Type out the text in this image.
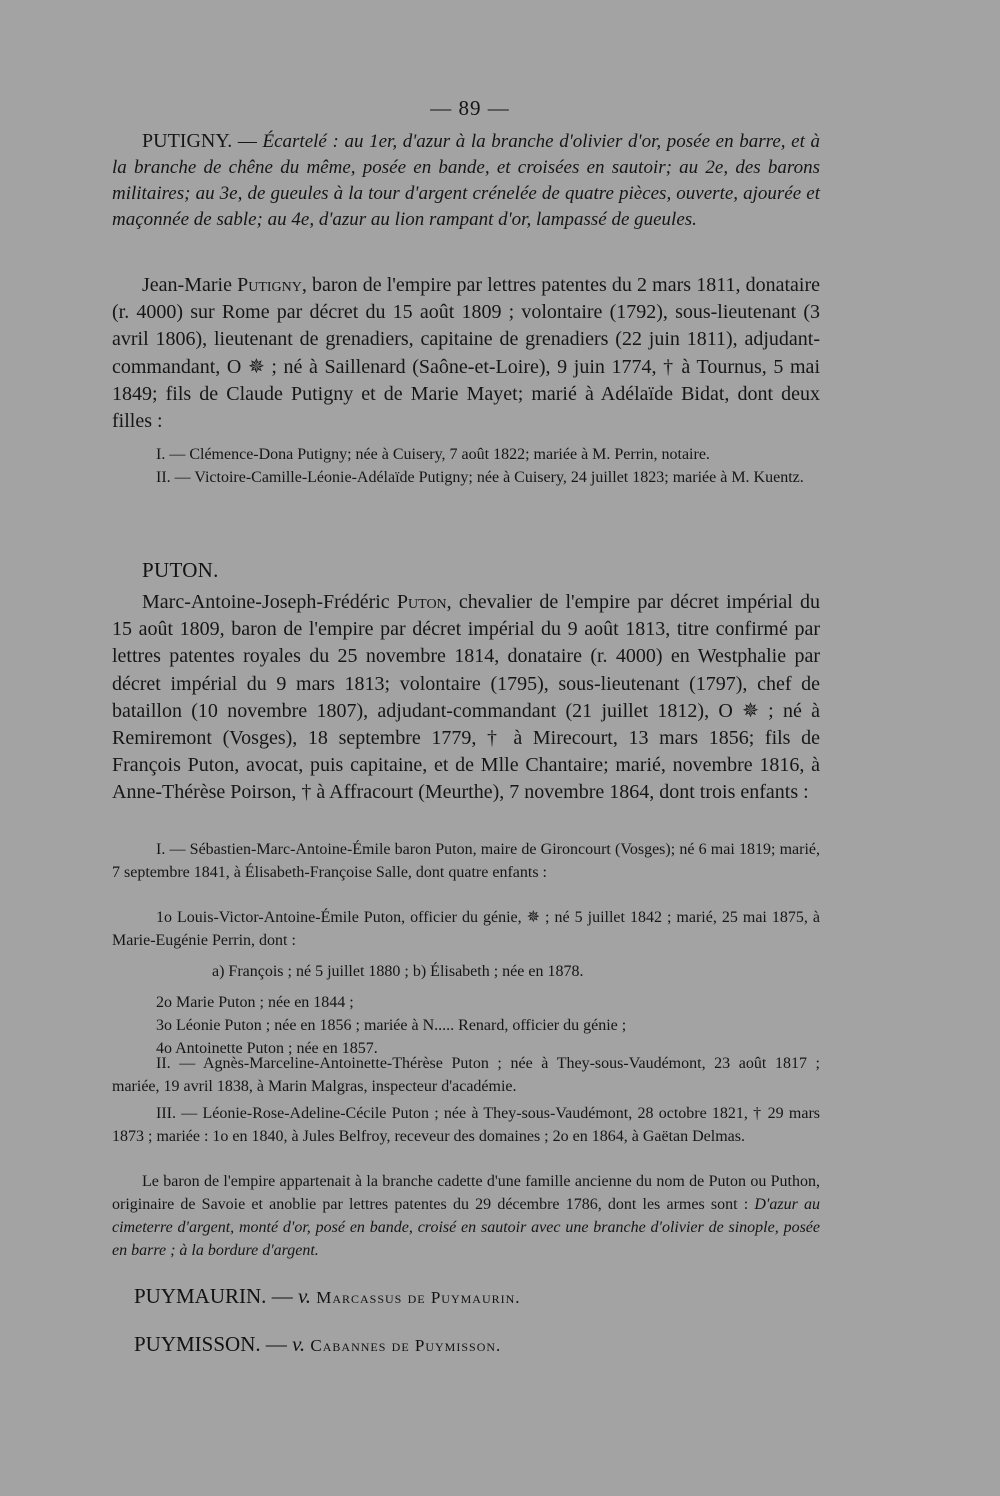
— 89 —

PUTIGNY. — Écartelé : au 1er, d'azur à la branche d'olivier d'or, posée en barre, et à la branche de chêne du même, posée en bande, et croisées en sautoir; au 2e, des barons militaires; au 3e, de gueules à la tour d'argent crénelée de quatre pièces, ouverte, ajourée et maçonnée de sable; au 4e, d'azur au lion rampant d'or, lampassé de gueules.

Jean-Marie Putigny, baron de l'empire par lettres patentes du 2 mars 1811, donataire (r. 4000) sur Rome par décret du 15 août 1809 ; volontaire (1792), sous-lieutenant (3 avril 1806), lieutenant de grenadiers, capitaine de grenadiers (22 juin 1811), adjudant-commandant, O ✵ ; né à Saillenard (Saône-et-Loire), 9 juin 1774, † à Tournus, 5 mai 1849; fils de Claude Putigny et de Marie Mayet; marié à Adélaïde Bidat, dont deux filles :

I. — Clémence-Dona Putigny; née à Cuisery, 7 août 1822; mariée à M. Perrin, notaire.

II. — Victoire-Camille-Léonie-Adélaïde Putigny; née à Cuisery, 24 juillet 1823; mariée à M. Kuentz.

PUTON.

Marc-Antoine-Joseph-Frédéric Puton, chevalier de l'empire par décret impérial du 15 août 1809, baron de l'empire par décret impérial du 9 août 1813, titre confirmé par lettres patentes royales du 25 novembre 1814, donataire (r. 4000) en Westphalie par décret impérial du 9 mars 1813; volontaire (1795), sous-lieutenant (1797), chef de bataillon (10 novembre 1807), adjudant-commandant (21 juillet 1812), O ✵ ; né à Remiremont (Vosges), 18 septembre 1779, † à Mirecourt, 13 mars 1856; fils de François Puton, avocat, puis capitaine, et de Mlle Chantaire; marié, novembre 1816, à Anne-Thérèse Poirson, † à Affracourt (Meurthe), 7 novembre 1864, dont trois enfants :

I. — Sébastien-Marc-Antoine-Émile baron Puton, maire de Gironcourt (Vosges); né 6 mai 1819; marié, 7 septembre 1841, à Élisabeth-Françoise Salle, dont quatre enfants :

1o Louis-Victor-Antoine-Émile Puton, officier du génie, ✵ ; né 5 juillet 1842 ; marié, 25 mai 1875, à Marie-Eugénie Perrin, dont :

a) François ; né 5 juillet 1880 ; b) Élisabeth ; née en 1878.

2o Marie Puton ; née en 1844 ;

3o Léonie Puton ; née en 1856 ; mariée à N..... Renard, officier du génie ;

4o Antoinette Puton ; née en 1857.

II. — Agnès-Marceline-Antoinette-Thérèse Puton ; née à They-sous-Vaudémont, 23 août 1817 ; mariée, 19 avril 1838, à Marin Malgras, inspecteur d'académie.

III. — Léonie-Rose-Adeline-Cécile Puton ; née à They-sous-Vaudémont, 28 octobre 1821, † 29 mars 1873 ; mariée : 1o en 1840, à Jules Belfroy, receveur des domaines ; 2o en 1864, à Gaëtan Delmas.

Le baron de l'empire appartenait à la branche cadette d'une famille ancienne du nom de Puton ou Puthon, originaire de Savoie et anoblie par lettres patentes du 29 décembre 1786, dont les armes sont : D'azur au cimeterre d'argent, monté d'or, posé en bande, croisé en sautoir avec une branche d'olivier de sinople, posée en barre ; à la bordure d'argent.

PUYMAURIN. — v. Marcassus de Puymaurin.
PUYMISSON. — v. Cabannes de Puymisson.
